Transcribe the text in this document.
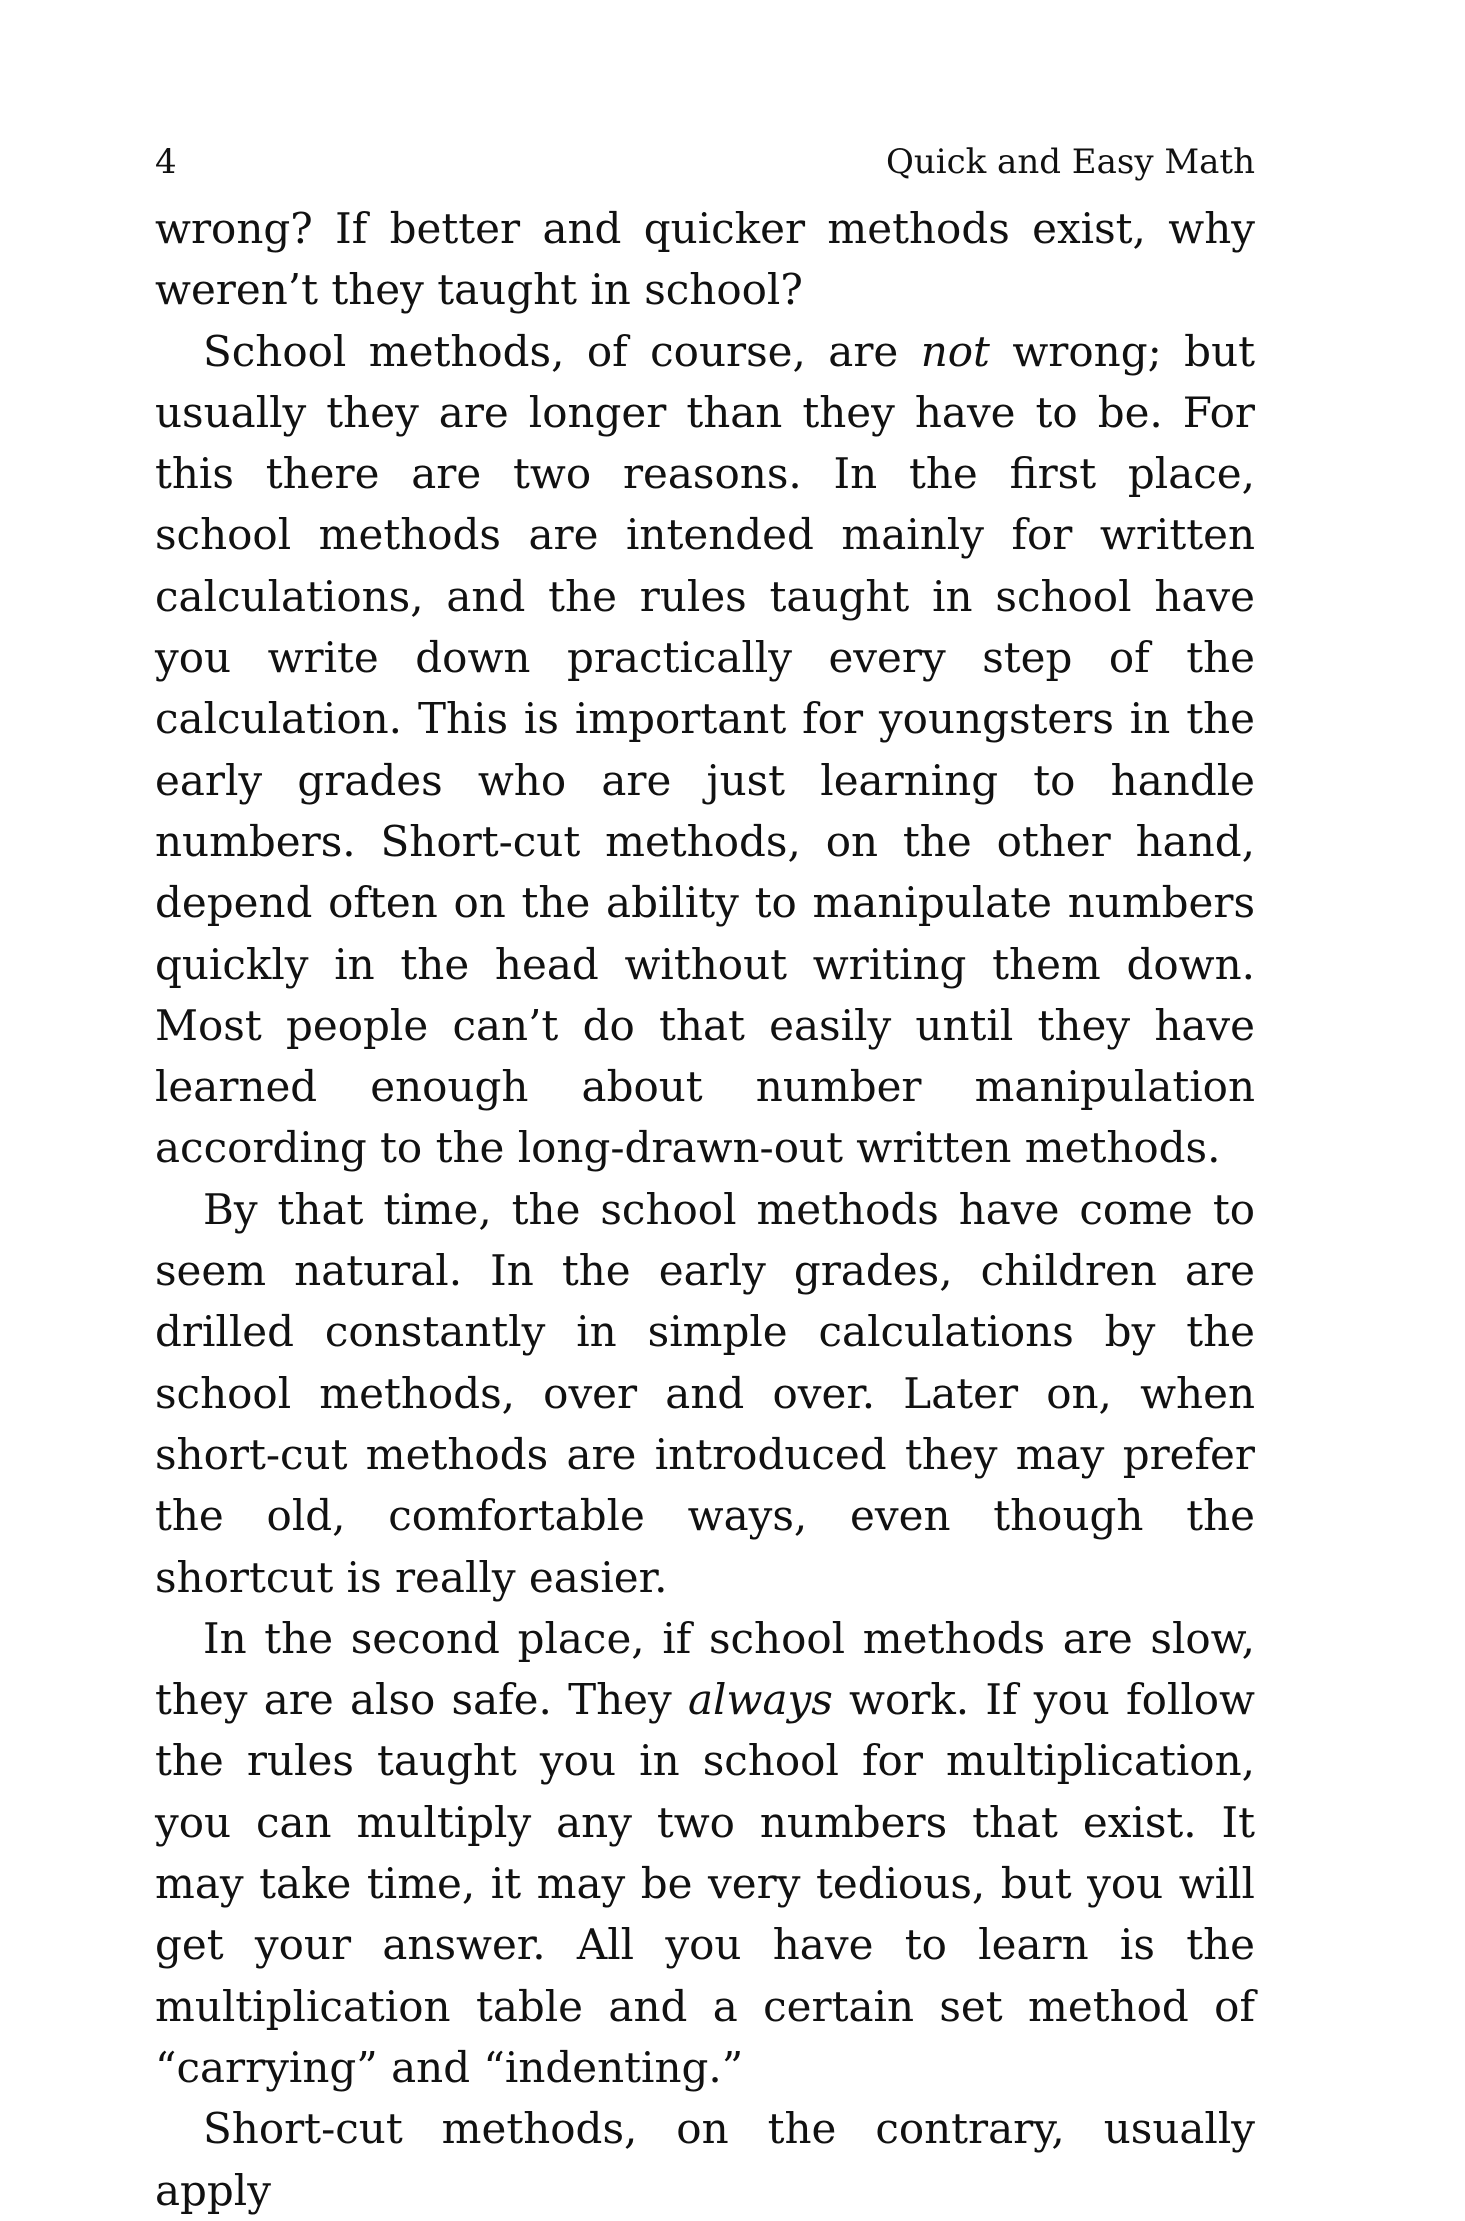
4	Quick and Easy Math

wrong? If better and quicker methods exist, why weren’t they taught in school?

School methods, of course, are not wrong; but usually they are longer than they have to be. For this there are two reasons. In the first place, school methods are intended mainly for written calculations, and the rules taught in school have you write down practically every step of the calculation. This is important for youngsters in the early grades who are just learning to handle numbers. Short-cut methods, on the other hand, depend often on the ability to manipulate numbers quickly in the head without writing them down. Most people can’t do that easily until they have learned enough about number manipulation according to the long-drawn-out written methods.

By that time, the school methods have come to seem natural. In the early grades, children are drilled constantly in simple calculations by the school methods, over and over. Later on, when short-cut methods are introduced they may prefer the old, comfortable ways, even though the shortcut is really easier.

In the second place, if school methods are slow, they are also safe. They always work. If you follow the rules taught you in school for multiplication, you can multiply any two numbers that exist. It may take time, it may be very tedious, but you will get your answer. All you have to learn is the multiplication table and a certain set method of “carrying” and “indenting.”

Short-cut methods, on the contrary, usually apply
